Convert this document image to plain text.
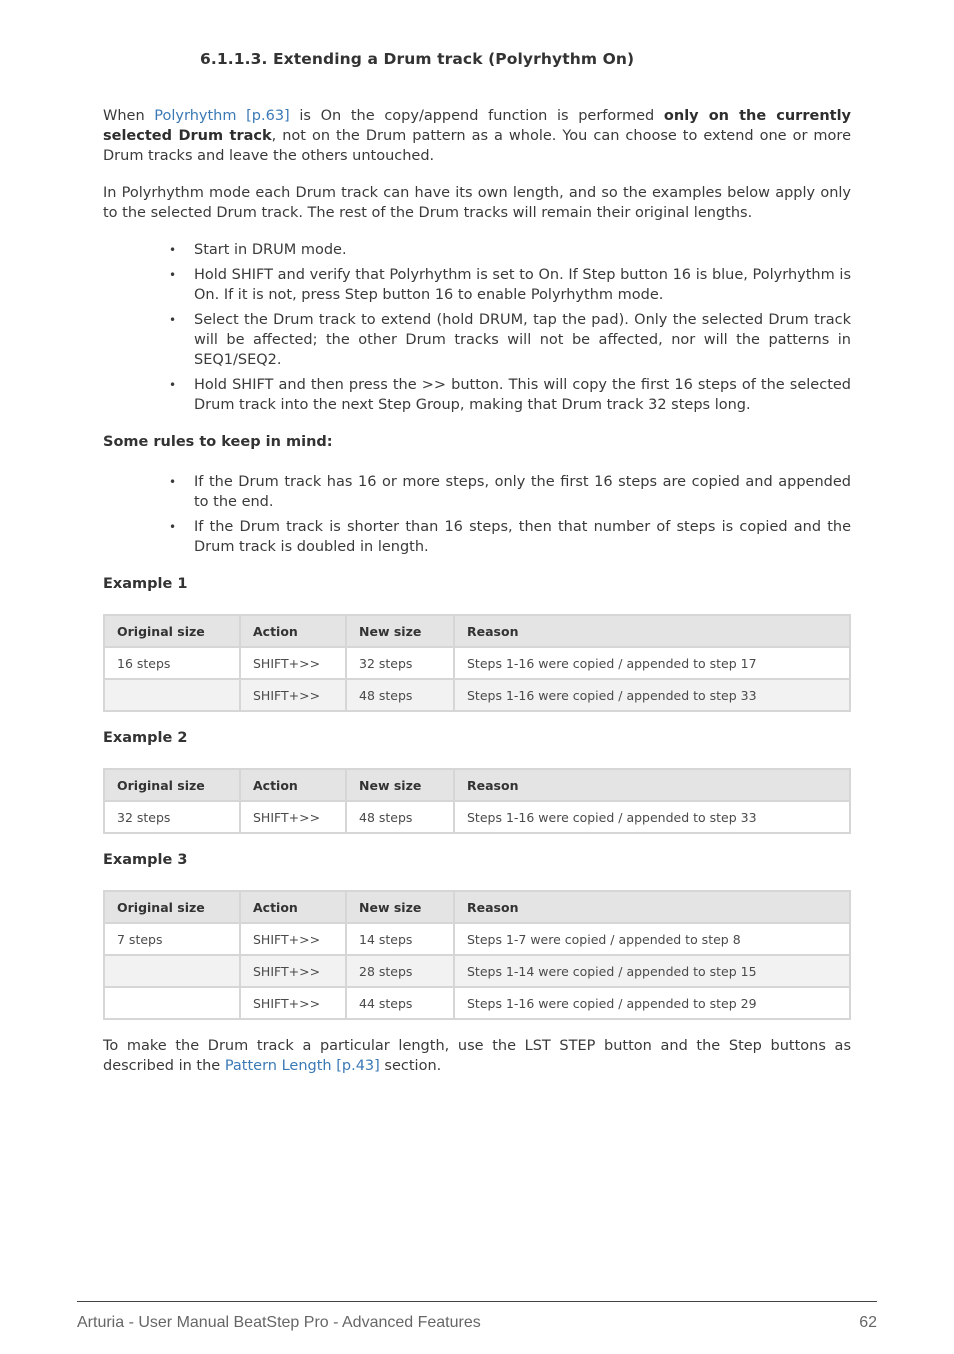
6.1.1.3. Extending a Drum track (Polyrhythm On)

When Polyrhythm [p.63] is On the copy/append function is performed only on the currently selected Drum track, not on the Drum pattern as a whole. You can choose to extend one or more Drum tracks and leave the others untouched.

In Polyrhythm mode each Drum track can have its own length, and so the examples below apply only to the selected Drum track. The rest of the Drum tracks will remain their original lengths.

• Start in DRUM mode.
• Hold SHIFT and verify that Polyrhythm is set to On. If Step button 16 is blue, Polyrhythm is On. If it is not, press Step button 16 to enable Polyrhythm mode.
• Select the Drum track to extend (hold DRUM, tap the pad). Only the selected Drum track will be affected; the other Drum tracks will not be affected, nor will the patterns in SEQ1/SEQ2.
• Hold SHIFT and then press the >> button. This will copy the first 16 steps of the selected Drum track into the next Step Group, making that Drum track 32 steps long.
Some rules to keep in mind:
• If the Drum track has 16 or more steps, only the first 16 steps are copied and appended to the end.
• If the Drum track is shorter than 16 steps, then that number of steps is copied and the Drum track is doubled in length.
Example 1
Original size	Action	New size	Reason
16 steps	SHIFT+>>	32 steps	Steps 1-16 were copied / appended to step 17
	SHIFT+>>	48 steps	Steps 1-16 were copied / appended to step 33
Example 2
Original size	Action	New size	Reason
32 steps	SHIFT+>>	48 steps	Steps 1-16 were copied / appended to step 33
Example 3
Original size	Action	New size	Reason
7 steps	SHIFT+>>	14 steps	Steps 1-7 were copied / appended to step 8
	SHIFT+>>	28 steps	Steps 1-14 were copied / appended to step 15
	SHIFT+>>	44 steps	Steps 1-16 were copied / appended to step 29

To make the Drum track a particular length, use the LST STEP button and the Step buttons as described in the Pattern Length [p.43] section.

Arturia - User Manual BeatStep Pro - Advanced Features	62
